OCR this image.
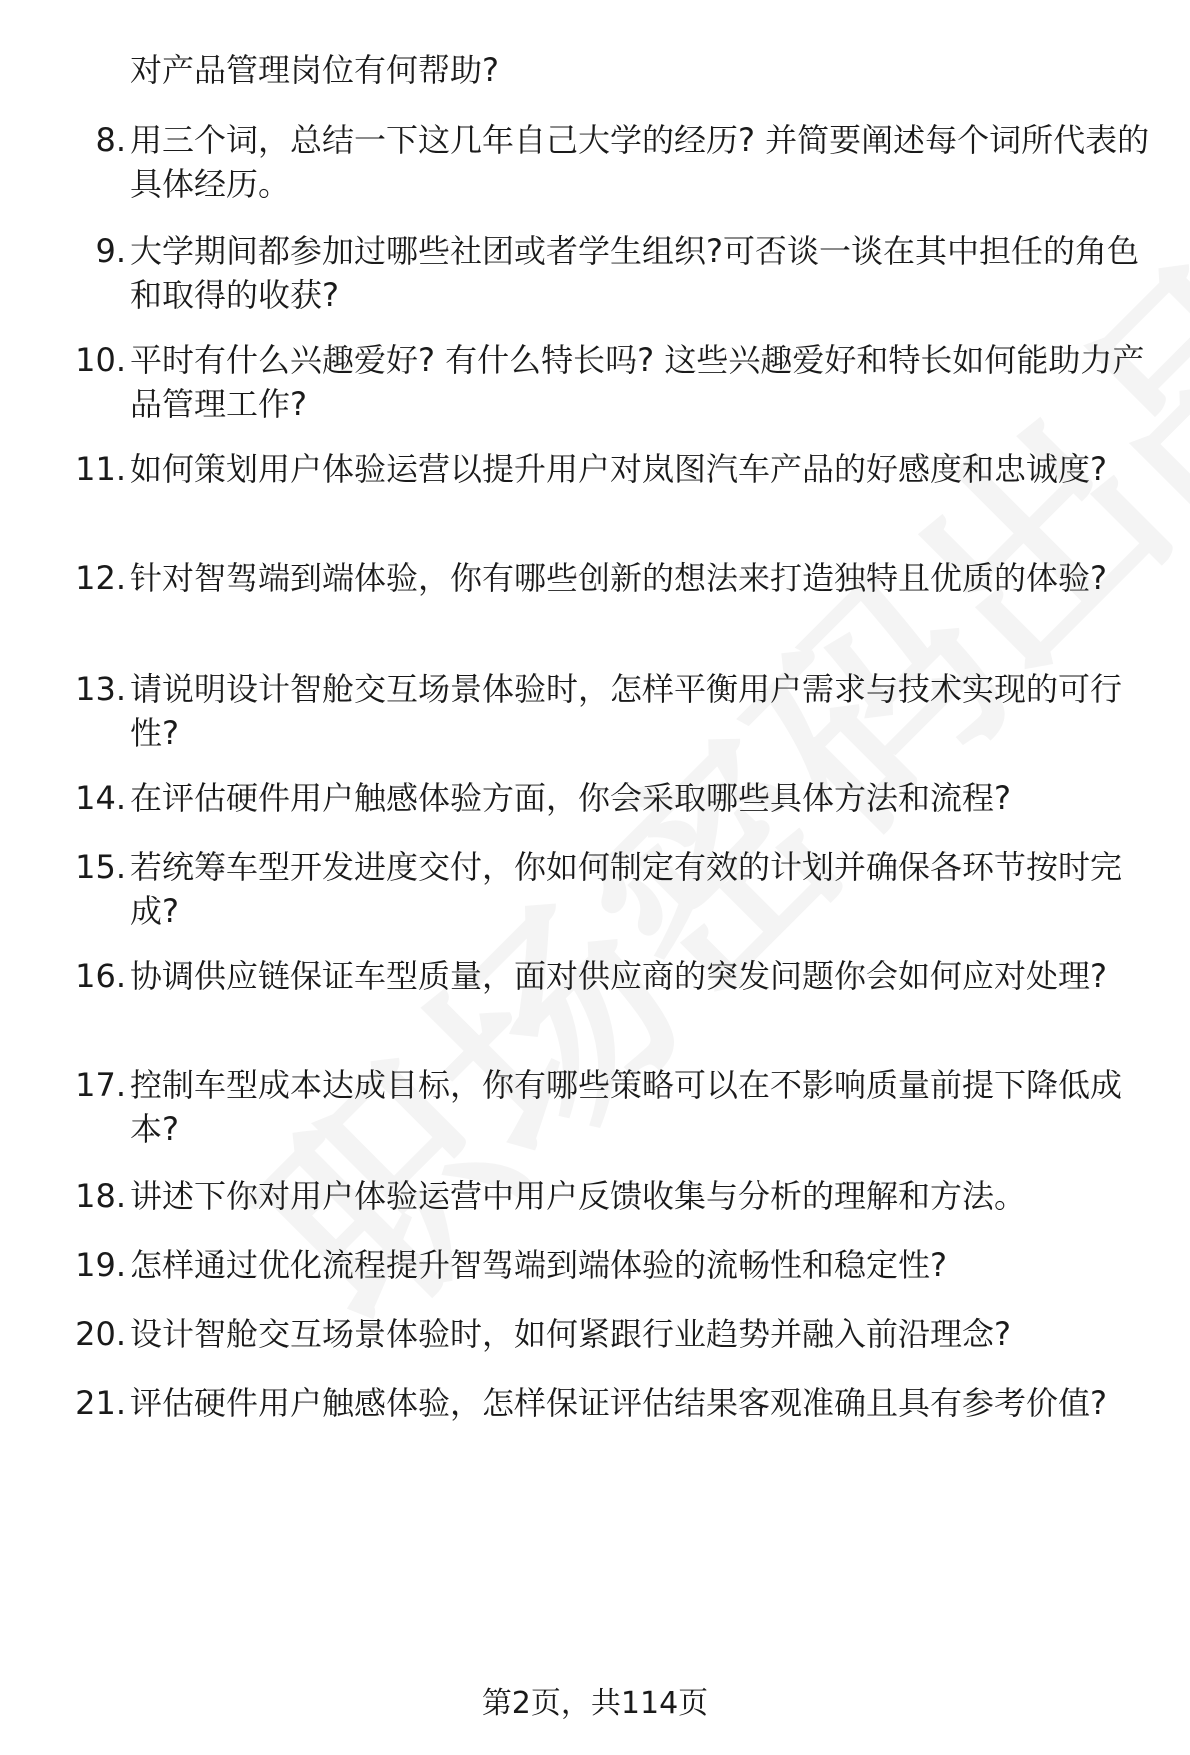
对产品管理岗位有何帮助?

8. 用三个词，总结一下这几年自己大学的经历? 并简要阐述每个词所代表的具体经历。
9. 大学期间都参加过哪些社团或者学生组织?可否谈一谈在其中担任的角色和取得的收获?
10. 平时有什么兴趣爱好? 有什么特长吗? 这些兴趣爱好和特长如何能助力产品管理工作?
11. 如何策划用户体验运营以提升用户对岚图汽车产品的好感度和忠诚度?
12. 针对智驾端到端体验，你有哪些创新的想法来打造独特且优质的体验?
13. 请说明设计智舱交互场景体验时，怎样平衡用户需求与技术实现的可行性?
14. 在评估硬件用户触感体验方面，你会采取哪些具体方法和流程?
15. 若统筹车型开发进度交付，你如何制定有效的计划并确保各环节按时完成?
16. 协调供应链保证车型质量，面对供应商的突发问题你会如何应对处理?
17. 控制车型成本达成目标，你有哪些策略可以在不影响质量前提下降低成本?
18. 讲述下你对用户体验运营中用户反馈收集与分析的理解和方法。
19. 怎样通过优化流程提升智驾端到端体验的流畅性和稳定性?
20. 设计智舱交互场景体验时，如何紧跟行业趋势并融入前沿理念?
21. 评估硬件用户触感体验，怎样保证评估结果客观准确且具有参考价值?
第2页，共114页
